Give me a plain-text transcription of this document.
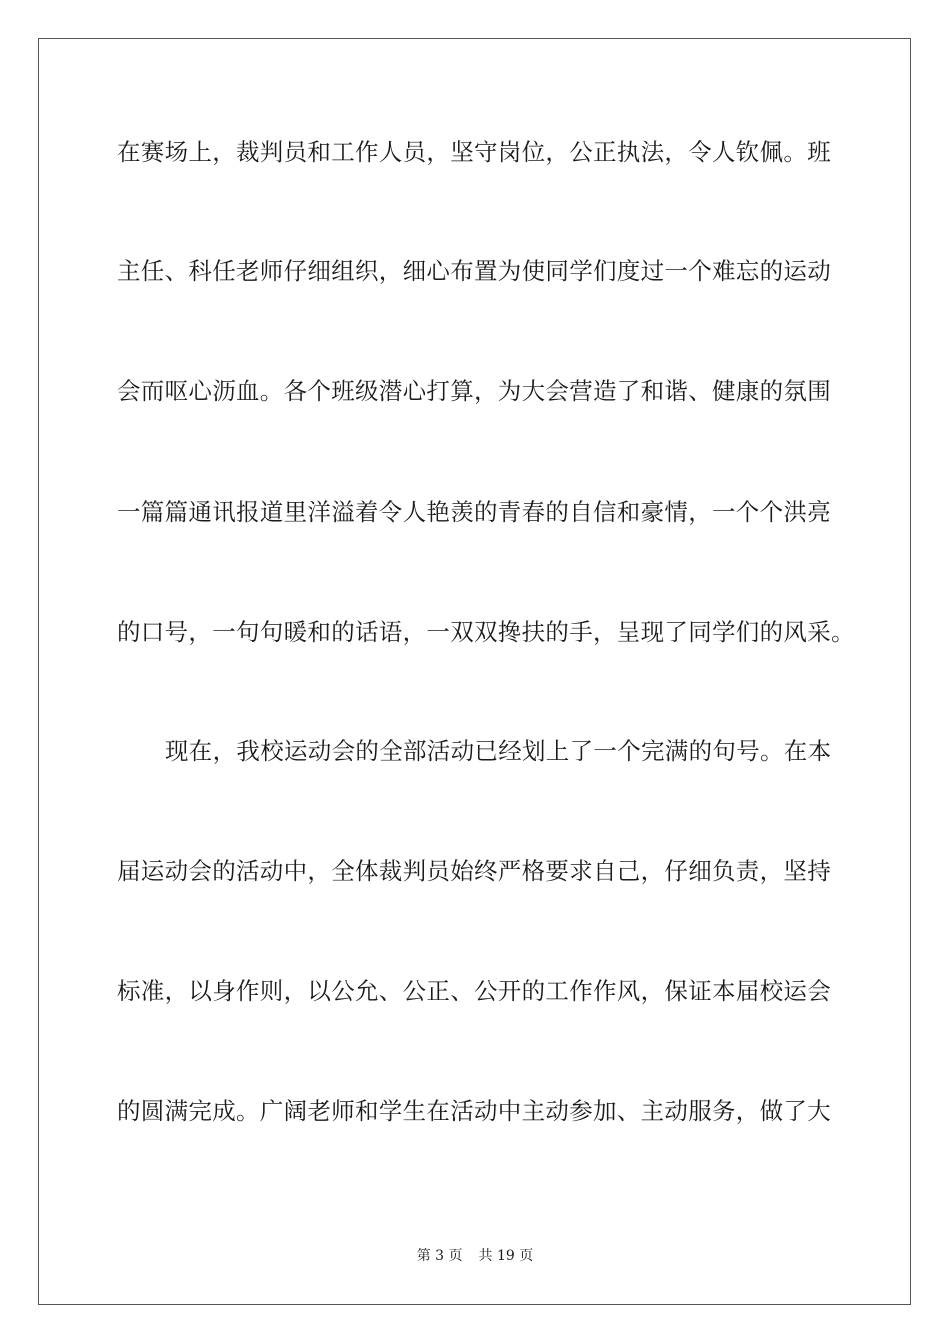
在赛场上，裁判员和工作人员，坚守岗位，公正执法，令人钦佩。班
主任、科任老师仔细组织，细心布置为使同学们度过一个难忘的运动
会而呕心沥血。各个班级潜心打算，为大会营造了和谐、健康的氛围
一篇篇通讯报道里洋溢着令人艳羡的青春的自信和豪情，一个个洪亮
的口号，一句句暖和的话语，一双双搀扶的手，呈现了同学们的风采。
现在，我校运动会的全部活动已经划上了一个完满的句号。在本
届运动会的活动中，全体裁判员始终严格要求自己，仔细负责，坚持
标准，以身作则，以公允、公正、公开的工作作风，保证本届校运会
的圆满完成。广阔老师和学生在活动中主动参加、主动服务，做了大
第 3 页 共 19 页
